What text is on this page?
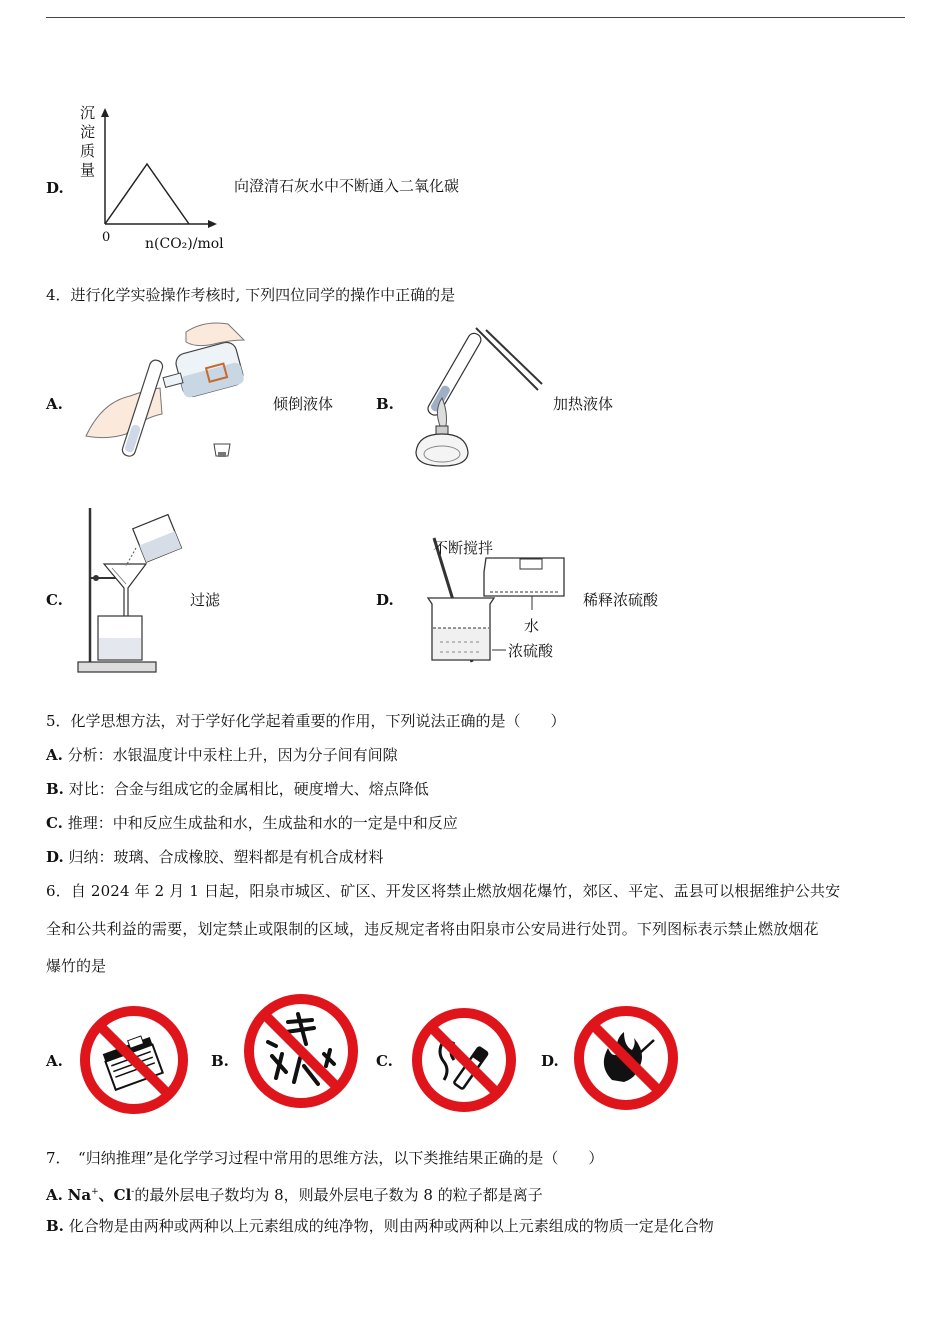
D.
沉淀质量
0 n(CO₂)/mol
向澄清石灰水中不断通入二氧化碳
4．进行化学实验操作考核时, 下列四位同学的操作中正确的是
A.	倾倒液体	B.	加热液体
C.	过滤	D.
不断搅拌
水
浓硫酸
稀释浓硫酸
5．化学思想方法，对于学好化学起着重要的作用，下列说法正确的是（　　）
A. 分析：水银温度计中汞柱上升，因为分子间有间隙
B. 对比：合金与组成它的金属相比，硬度增大、熔点降低
C. 推理：中和反应生成盐和水，生成盐和水的一定是中和反应
D. 归纳：玻璃、合成橡胶、塑料都是有机合成材料
6．自 2024 年 2 月 1 日起，阳泉市城区、矿区、开发区将禁止燃放烟花爆竹，郊区、平定、盂县可以根据维护公共安
全和公共利益的需要，划定禁止或限制的区域，违反规定者将由阳泉市公安局进行处罚。下列图标表示禁止燃放烟花
爆竹的是
A.	B.	C.	D.
7．　“归纳推理”是化学学习过程中常用的思维方法，以下类推结果正确的是（　　）
A. Na+、Cl-的最外层电子数均为 8，则最外层电子数为 8 的粒子都是离子
B. 化合物是由两种或两种以上元素组成的纯净物，则由两种或两种以上元素组成的物质一定是化合物
